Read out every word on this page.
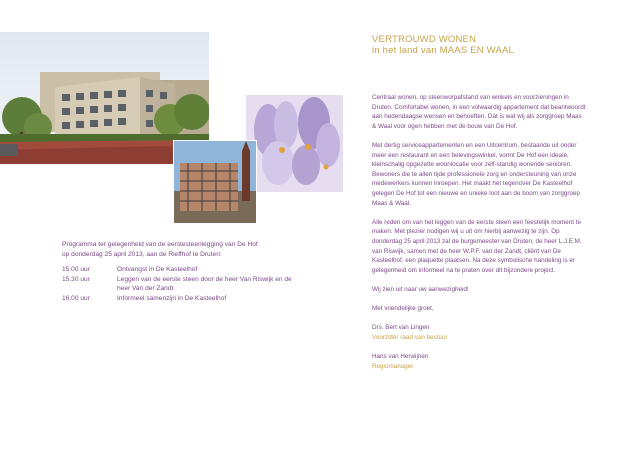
Programma ter gelegenheid van de eerstesteenlegging van De Hof
op donderdag 25 april 2013, aan de Rieffhof te Druten:
15.00 uur	Ontvangst in De Kasteelhof
15.30 uur	Leggen van de eerste steen door de heer Van Riswijk en de heer Van der Zandt
16.00 uur	Informeel samenzijn in De Kasteelhof
VERTROUWD WONEN
in het land van MAAS EN WAAL

Centraal wonen, op steenworpafstand van winkels en voorzieningen in Druten. Comfortabel wonen, in een volwaardig appartement dat beantwoordt aan hedendaagse wensen en behoeften. Dát is wat wij als zorggroep Maas & Waal voor ogen hebben met de bouw van De Hof.

Met dertig serviceappartementen en een Uitcentrum, bestaande uit onder meer een restaurant en een belevingswinkel, vormt De Hof een ideale, kleinschalig opgezette woonlocatie voor zelf-standig wonende senioren. Bewoners die te allen tijde professionele zorg en ondersteuning van onze medewerkers kunnen inroepen. Het maakt het tegenover De Kasteelhof gelegen De Hof tot een nieuwe en unieke loot aan de boom van zorggroep Maas & Waal.

Alle reden om van het leggen van de eerste steen een feestelijk moment te maken. Met plezier nodigen wij u uit om hierbij aanwezig te zijn. Op donderdag 25 april 2013 zal de burgemeester van Druten, de heer L.J.E.M. van Riswijk, samen met de heer W.P.F. van der Zandt, cliënt van De Kasteelhof, een plaquette plaatsen. Na deze symbolische handeling is er gelegenheid om informeel na te praten over dit bijzondere project.

Wij zien uit naar uw aanwezigheid!

Met vriendelijke groet,

Drs. Bert van Lingen

Voorzitter raad van bestuur

Hans van Herwijnen

Regiomanager
